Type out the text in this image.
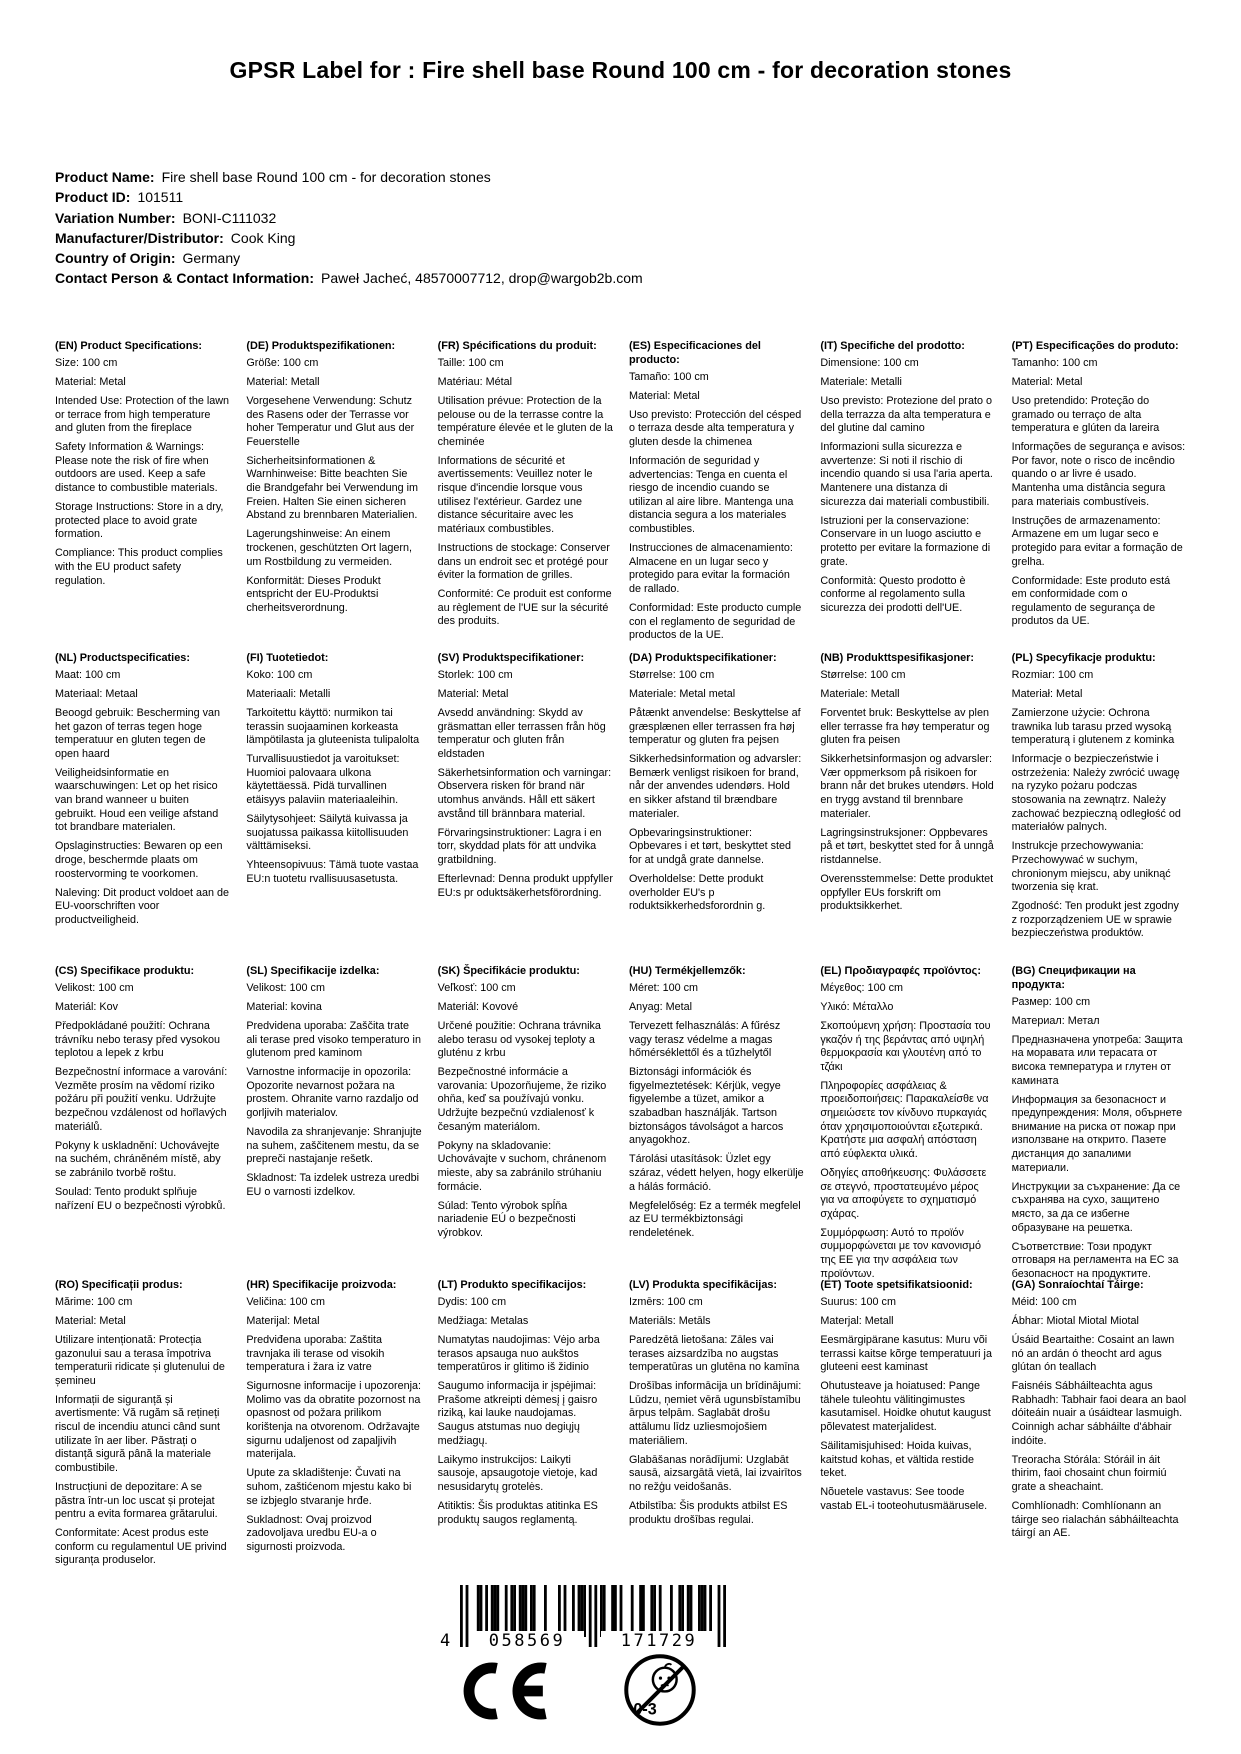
GPSR Label for : Fire shell base Round 100 cm - for decoration stones
Product Name: Fire shell base Round 100 cm - for decoration stones
Product ID: 101511
Variation Number: BONI-C111032
Manufacturer/Distributor: Cook King
Country of Origin: Germany
Contact Person & Contact Information: Paweł Jacheć, 48570007712, drop@wargob2b.com
(EN) Product Specifications:

Size: 100 cm

Material: Metal

Intended Use: Protection of the lawn or terrace from high temperature and gluten from the fireplace

Safety Information & Warnings: Please note the risk of fire when outdoors are used. Keep a safe distance to combustible materials.

Storage Instructions: Store in a dry, protected place to avoid grate formation.

Compliance: This product complies with the EU product safety regulation.

(DE) Produktspezifikationen:

Größe: 100 cm

Material: Metall

Vorgesehene Verwendung: Schutz des Rasens oder der Terrasse vor hoher Temperatur und Glut aus der Feuerstelle

Sicherheitsinformationen & Warnhinweise: Bitte beachten Sie die Brandgefahr bei Verwendung im Freien. Halten Sie einen sicheren Abstand zu brennbaren Materialien.

Lagerungshinweise: An einem trockenen, geschützten Ort lagern, um Rostbildung zu vermeiden.

Konformität: Dieses Produkt entspricht der EU-Produktsi cherheitsverordnung.

(FR) Spécifications du produit:

Taille: 100 cm

Matériau: Métal

Utilisation prévue: Protection de la pelouse ou de la terrasse contre la température élevée et le gluten de la cheminée

Informations de sécurité et avertissements: Veuillez noter le risque d'incendie lorsque vous utilisez l'extérieur. Gardez une distance sécuritaire avec les matériaux combustibles.

Instructions de stockage: Conserver dans un endroit sec et protégé pour éviter la formation de grilles.

Conformité: Ce produit est conforme au règlement de l'UE sur la sécurité des produits.

(ES) Especificaciones del producto:

Tamaño: 100 cm

Material: Metal

Uso previsto: Protección del césped o terraza desde alta temperatura y gluten desde la chimenea

Información de seguridad y advertencias: Tenga en cuenta el riesgo de incendio cuando se utilizan al aire libre. Mantenga una distancia segura a los materiales combustibles.

Instrucciones de almacenamiento: Almacene en un lugar seco y protegido para evitar la formación de rallado.

Conformidad: Este producto cumple con el reglamento de seguridad de productos de la UE.

(IT) Specifiche del prodotto:

Dimensione: 100 cm

Materiale: Metalli

Uso previsto: Protezione del prato o della terrazza da alta temperatura e del glutine dal camino

Informazioni sulla sicurezza e avvertenze: Si noti il rischio di incendio quando si usa l'aria aperta. Mantenere una distanza di sicurezza dai materiali combustibili.

Istruzioni per la conservazione: Conservare in un luogo asciutto e protetto per evitare la formazione di grate.

Conformità: Questo prodotto è conforme al regolamento sulla sicurezza dei prodotti dell'UE.

(PT) Especificações do produto:

Tamanho: 100 cm

Material: Metal

Uso pretendido: Proteção do gramado ou terraço de alta temperatura e glúten da lareira

Informações de segurança e avisos: Por favor, note o risco de incêndio quando o ar livre é usado. Mantenha uma distância segura para materiais combustíveis.

Instruções de armazenamento: Armazene em um lugar seco e protegido para evitar a formação de grelha.

Conformidade: Este produto está em conformidade com o regulamento de segurança de produtos da UE.

(NL) Productspecificaties:

Maat: 100 cm

Materiaal: Metaal

Beoogd gebruik: Bescherming van het gazon of terras tegen hoge temperatuur en gluten tegen de open haard

Veiligheidsinformatie en waarschuwingen: Let op het risico van brand wanneer u buiten gebruikt. Houd een veilige afstand tot brandbare materialen.

Opslaginstructies: Bewaren op een droge, beschermde plaats om roostervorming te voorkomen.

Naleving: Dit product voldoet aan de EU-voorschriften voor productveiligheid.

(FI) Tuotetiedot:

Koko: 100 cm

Materiaali: Metalli

Tarkoitettu käyttö: nurmikon tai terassin suojaaminen korkeasta lämpötilasta ja gluteenista tulipalolta

Turvallisuustiedot ja varoitukset: Huomioi palovaara ulkona käytettäessä. Pidä turvallinen etäisyys palaviin materiaaleihin.

Säilytysohjeet: Säilytä kuivassa ja suojatussa paikassa kiitollisuuden välttämiseksi.

Yhteensopivuus: Tämä tuote vastaa EU:n tuotetu rvallisuusasetusta.

(SV) Produktspecifikationer:

Storlek: 100 cm

Material: Metal

Avsedd användning: Skydd av gräsmattan eller terrassen från hög temperatur och gluten från eldstaden

Säkerhetsinformation och varningar: Observera risken för brand när utomhus används. Håll ett säkert avstånd till brännbara material.

Förvaringsinstruktioner: Lagra i en torr, skyddad plats för att undvika gratbildning.

Efterlevnad: Denna produkt uppfyller EU:s pr oduktsäkerhetsförordning.

(DA) Produktspecifikationer:

Størrelse: 100 cm

Materiale: Metal metal

Påtænkt anvendelse: Beskyttelse af græsplænen eller terrassen fra høj temperatur og gluten fra pejsen

Sikkerhedsinformation og advarsler: Bemærk venligst risikoen for brand, når der anvendes udendørs. Hold en sikker afstand til brændbare materialer.

Opbevaringsinstruktioner: Opbevares i et tørt, beskyttet sted for at undgå grate dannelse.

Overholdelse: Dette produkt overholder EU's p roduktsikkerhedsforordnin g.

(NB) Produkttspesifikasjoner:

Størrelse: 100 cm

Materiale: Metall

Forventet bruk: Beskyttelse av plen eller terrasse fra høy temperatur og gluten fra peisen

Sikkerhetsinformasjon og advarsler: Vær oppmerksom på risikoen for brann når det brukes utendørs. Hold en trygg avstand til brennbare materialer.

Lagringsinstruksjoner: Oppbevares på et tørt, beskyttet sted for å unngå ristdannelse.

Overensstemmelse: Dette produktet oppfyller EUs forskrift om produktsikkerhet.

(PL) Specyfikacje produktu:

Rozmiar: 100 cm

Materiał: Metal

Zamierzone użycie: Ochrona trawnika lub tarasu przed wysoką temperaturą i glutenem z kominka

Informacje o bezpieczeństwie i ostrzeżenia: Należy zwrócić uwagę na ryzyko pożaru podczas stosowania na zewnątrz. Należy zachować bezpieczną odległość od materiałów palnych.

Instrukcje przechowywania: Przechowywać w suchym, chronionym miejscu, aby uniknąć tworzenia się krat.

Zgodność: Ten produkt jest zgodny z rozporządzeniem UE w sprawie bezpieczeństwa produktów.

(CS) Specifikace produktu:

Velikost: 100 cm

Materiál: Kov

Předpokládané použití: Ochrana trávníku nebo terasy před vysokou teplotou a lepek z krbu

Bezpečnostní informace a varování: Vezměte prosím na vědomí riziko požáru při použití venku. Udržujte bezpečnou vzdálenost od hořlavých materiálů.

Pokyny k uskladnění: Uchovávejte na suchém, chráněném místě, aby se zabránilo tvorbě roštu.

Soulad: Tento produkt splňuje nařízení EU o bezpečnosti výrobků.

(SL) Specifikacije izdelka:

Velikost: 100 cm

Material: kovina

Predvidena uporaba: Zaščita trate ali terase pred visoko temperaturo in glutenom pred kaminom

Varnostne informacije in opozorila: Opozorite nevarnost požara na prostem. Ohranite varno razdaljo od gorljivih materialov.

Navodila za shranjevanje: Shranjujte na suhem, zaščitenem mestu, da se prepreči nastajanje rešetk.

Skladnost: Ta izdelek ustreza uredbi EU o varnosti izdelkov.

(SK) Špecifikácie produktu:

Veľkosť: 100 cm

Materiál: Kovové

Určené použitie: Ochrana trávnika alebo terasu od vysokej teploty a gluténu z krbu

Bezpečnostné informácie a varovania: Upozorňujeme, že riziko ohňa, keď sa používajú vonku. Udržujte bezpečnú vzdialenosť k česaným materiálom.

Pokyny na skladovanie: Uchovávajte v suchom, chránenom mieste, aby sa zabránilo strúhaniu formácie.

Súlad: Tento výrobok spĺňa nariadenie EÚ o bezpečnosti výrobkov.

(HU) Termékjellemzők:

Méret: 100 cm

Anyag: Metal

Tervezett felhasználás: A fűrész vagy terasz védelme a magas hőmérséklettől és a tűzhelytől

Biztonsági információk és figyelmeztetések: Kérjük, vegye figyelembe a tüzet, amikor a szabadban használják. Tartson biztonságos távolságot a harcos anyagokhoz.

Tárolási utasítások: Üzlet egy száraz, védett helyen, hogy elkerülje a hálás formáció.

Megfelelőség: Ez a termék megfelel az EU termékbiztonsági rendeletének.

(EL) Προδιαγραφές προϊόντος:

Μέγεθος: 100 cm

Υλικό: Μέταλλο

Σκοπούμενη χρήση: Προστασία του γκαζόν ή της βεράντας από υψηλή θερμοκρασία και γλουτένη από το τζάκι

Πληροφορίες ασφάλειας & προειδοποιήσεις: Παρακαλείσθε να σημειώσετε τον κίνδυνο πυρκαγιάς όταν χρησιμοποιούνται εξωτερικά. Κρατήστε μια ασφαλή απόσταση από εύφλεκτα υλικά.

Οδηγίες αποθήκευσης: Φυλάσσετε σε στεγνό, προστατευμένο μέρος για να αποφύγετε το σχηματισμό σχάρας.

Συμμόρφωση: Αυτό το προϊόν συμμορφώνεται με τον κανονισμό της ΕΕ για την ασφάλεια των προϊόντων.

(BG) Спецификации на продукта:

Размер: 100 cm

Материал: Метал

Предназначена употреба: Защита на моравата или терасата от висока температура и глутен от камината

Информация за безопасност и предупреждения: Моля, обърнете внимание на риска от пожар при използване на открито. Пазете дистанция до запалими материали.

Инструкции за съхранение: Да се съхранява на сухо, защитено място, за да се избегне образуване на решетка.

Съответствие: Този продукт отговаря на регламента на ЕС за безопасност на продуктите.

(RO) Specificații produs:

Mărime: 100 cm

Material: Metal

Utilizare intenționată: Protecția gazonului sau a terasa împotriva temperaturii ridicate și glutenului de șemineu

Informații de siguranță și avertismente: Vă rugăm să rețineți riscul de incendiu atunci când sunt utilizate în aer liber. Păstrați o distanță sigură până la materiale combustibile.

Instrucțiuni de depozitare: A se păstra într-un loc uscat și protejat pentru a evita formarea grătarului.

Conformitate: Acest produs este conform cu regulamentul UE privind siguranța produselor.

(HR) Specifikacije proizvoda:

Veličina: 100 cm

Materijal: Metal

Predviđena uporaba: Zaštita travnjaka ili terase od visokih temperatura i žara iz vatre

Sigurnosne informacije i upozorenja: Molimo vas da obratite pozornost na opasnost od požara prilikom korištenja na otvorenom. Održavajte sigurnu udaljenost od zapaljivih materijala.

Upute za skladištenje: Čuvati na suhom, zaštićenom mjestu kako bi se izbjeglo stvaranje hrđe.

Sukladnost: Ovaj proizvod zadovoljava uredbu EU-a o sigurnosti proizvoda.

(LT) Produkto specifikacijos:

Dydis: 100 cm

Medžiaga: Metalas

Numatytas naudojimas: Vėjo arba terasos apsauga nuo aukštos temperatūros ir glitimo iš židinio

Saugumo informacija ir įspėjimai: Prašome atkreipti dėmesį į gaisro riziką, kai lauke naudojamas. Saugus atstumas nuo degiųjų medžiagų.

Laikymo instrukcijos: Laikyti sausoje, apsaugotoje vietoje, kad nesusidarytų grotelės.

Atitiktis: Šis produktas atitinka ES produktų saugos reglamentą.

(LV) Produkta specifikācijas:

Izmērs: 100 cm

Materiāls: Metāls

Paredzētā lietošana: Zāles vai terases aizsardzība no augstas temperatūras un glutēna no kamīna

Drošības informācija un brīdinājumi: Lūdzu, ņemiet vērā ugunsbīstamību ārpus telpām. Saglabāt drošu attālumu līdz uzliesmojošiem materiāliem.

Glabāšanas norādījumi: Uzglabāt sausā, aizsargātā vietā, lai izvairītos no režģu veidošanās.

Atbilstība: Šis produkts atbilst ES produktu drošības regulai.

(ET) Toote spetsifikatsioonid:

Suurus: 100 cm

Materjal: Metall

Eesmärgipärane kasutus: Muru või terrassi kaitse kõrge temperatuuri ja gluteeni eest kaminast

Ohutusteave ja hoiatused: Pange tähele tuleohtu välitingimustes kasutamisel. Hoidke ohutut kaugust põlevatest materjalidest.

Säilitamisjuhised: Hoida kuivas, kaitstud kohas, et vältida restide teket.

Nõuetele vastavus: See toode vastab EL-i tooteohutusmäärusele.

(GA) Sonraíochtaí Táirge:

Méid: 100 cm

Ábhar: Miotal Miotal Miotal

Úsáid Beartaithe: Cosaint an lawn nó an ardán ó theocht ard agus glútan ón teallach

Faisnéis Sábháilteachta agus Rabhadh: Tabhair faoi deara an baol dóiteáin nuair a úsáidtear lasmuigh. Coinnigh achar sábháilte d'ábhair indóite.

Treoracha Stórála: Stóráil in áit thirim, faoi chosaint chun foirmiú grate a sheachaint.

Comhlíonadh: Comhlíonann an táirge seo rialachán sábháilteachta táirgí an AE.

4	058569	171729
0-3
